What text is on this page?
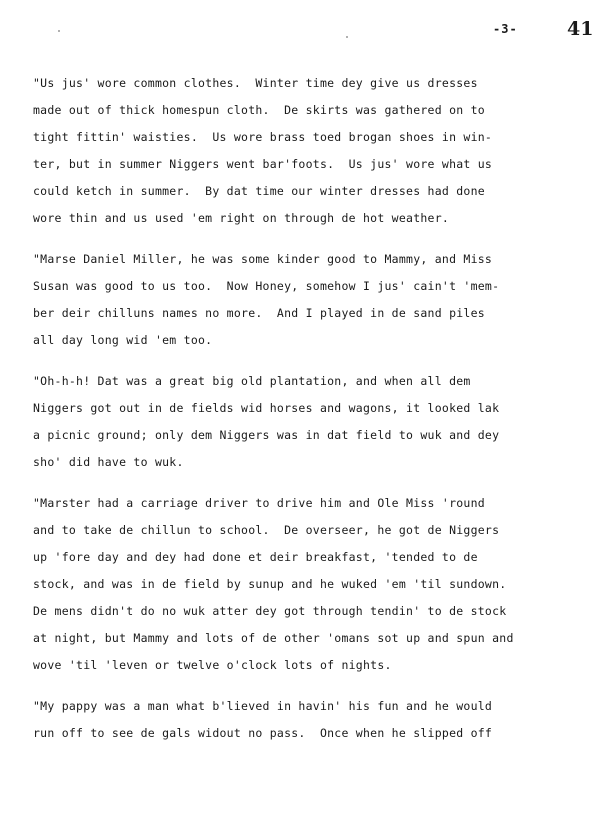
-3-	41
"Us jus' wore common clothes.  Winter time dey give us dresses
made out of thick homespun cloth.  De skirts was gathered on to
tight fittin' waisties.  Us wore brass toed brogan shoes in win-
ter, but in summer Niggers went bar'foots.  Us jus' wore what us
could ketch in summer.  By dat time our winter dresses had done
wore thin and us used 'em right on through de hot weather.
"Marse Daniel Miller, he was some kinder good to Mammy, and Miss
Susan was good to us too.  Now Honey, somehow I jus' cain't 'mem-
ber deir chilluns names no more.  And I played in de sand piles
all day long wid 'em too.
"Oh-h-h! Dat was a great big old plantation, and when all dem
Niggers got out in de fields wid horses and wagons, it looked lak
a picnic ground; only dem Niggers was in dat field to wuk and dey
sho' did have to wuk.
"Marster had a carriage driver to drive him and Ole Miss 'round
and to take de chillun to school.  De overseer, he got de Niggers
up 'fore day and dey had done et deir breakfast, 'tended to de
stock, and was in de field by sunup and he wuked 'em 'til sundown.
De mens didn't do no wuk atter dey got through tendin' to de stock
at night, but Mammy and lots of de other 'omans sot up and spun and
wove 'til 'leven or twelve o'clock lots of nights.
"My pappy was a man what b'lieved in havin' his fun and he would
run off to see de gals widout no pass.  Once when he slipped off
